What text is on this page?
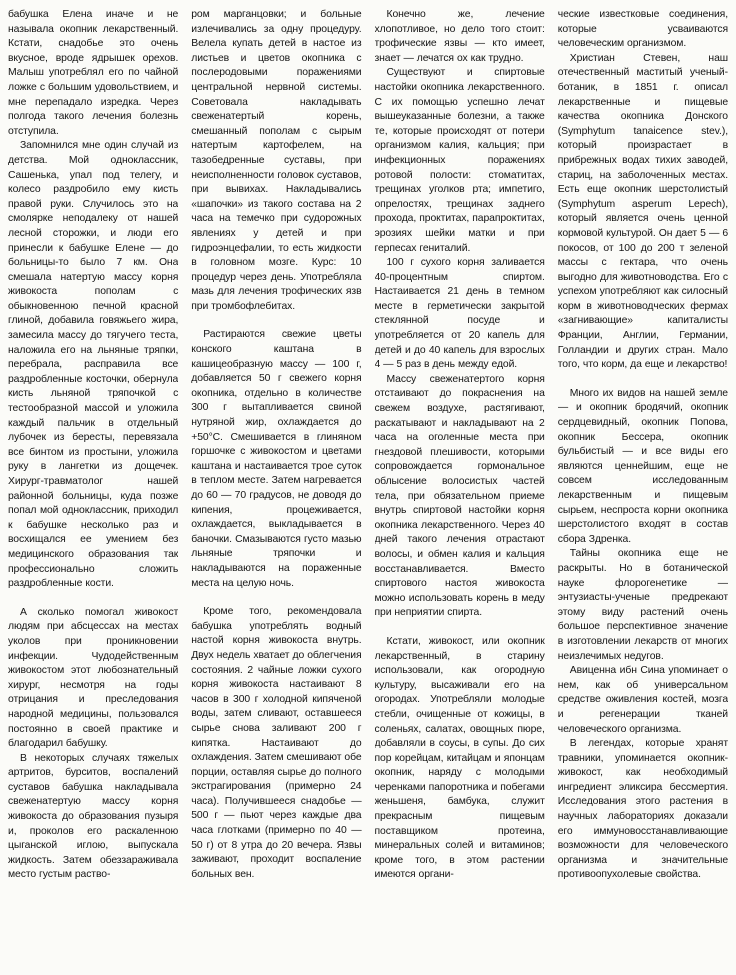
бабушка Елена иначе и не называла окопник лекарственный. Кстати, снадобье это очень вкусное, вроде ядрышек орехов. Малыш употреблял его по чайной ложке с большим удовольствием, и мне перепадало изредка. Через полгода такого лечения болезнь отступила.

Запомнился мне один случай из детства. Мой одноклассник, Сашенька, упал под телегу, и колесо раздробило ему кисть правой руки. Случилось это на смолярке неподалеку от нашей лесной сторожки, и люди его принесли к бабушке Елене — до больницы-то было 7 км. Она смешала натертую массу корня живокоста пополам с обыкновенною печной красной глиной, добавила говяжьего жира, замесила массу до тягучего теста, наложила его на льняные тряпки, перебрала, расправила все раздробленные косточки, обернула кисть льняной тряпочкой с тестообразной массой и уложила каждый пальчик в отдельный лубочек из бересты, перевязала все бинтом из простыни, уложила руку в лангетки из дощечек. Хирург-травматолог нашей районной больницы, куда позже попал мой одноклассник, приходил к бабушке несколько раз и восхищался ее умением без медицинского образования так профессионально сложить раздробленные кости.

А сколько помогал живокост людям при абсцессах на местах уколов при проникновении инфекции. Чудодейственным живокостом этот любознательный хирург, несмотря на годы отрицания и преследования народной медицины, пользовался постоянно в своей практике и благодарил бабушку.

В некоторых случаях тяжелых артритов, бурситов, воспалений суставов бабушка накладывала свеженатертую массу корня живокоста до образования пузыря и, проколов его раскаленною цыганской иглою, выпускала жидкость. Затем обеззараживала место густым раство-

ром марганцовки; и больные излечивались за одну процедуру. Велела купать детей в настое из листьев и цветов окопника с послеродовыми поражениями центральной нервной системы. Советовала накладывать свеженатертый корень, смешанный пополам с сырым натертым картофелем, на тазобедренные суставы, при неисполненности головок суставов, при вывихах. Накладывались «шапочки» из такого состава на 2 часа на темечко при судорожных явлениях у детей и при гидроэнцефалии, то есть жидкости в головном мозге. Курс: 10 процедур через день. Употребляла мазь для лечения трофических язв при тромбофлебитах.

Растираются свежие цветы конского каштана в кашицеобразную массу — 100 г, добавляется 50 г свежего корня окопника, отдельно в количестве 300 г вытапливается свиной нутряной жир, охлаждается до +50°С. Смешивается в глиняном горшочке с живокостом и цветами каштана и настаивается трое суток в теплом месте. Затем нагревается до 60 — 70 градусов, не доводя до кипения, процеживается, охлаждается, выкладывается в баночки. Смазываются густо мазью льняные тряпочки и накладываются на пораженные места на целую ночь.

Кроме того, рекомендовала бабушка употреблять водный настой корня живокоста внутрь. Двух недель хватает до облегчения состояния. 2 чайные ложки сухого корня живокоста настаивают 8 часов в 300 г холодной кипяченой воды, затем сливают, оставшееся сырье снова заливают 200 г кипятка. Настаивают до охлаждения. Затем смешивают обе порции, оставляя сырье до полного экстрагирования (примерно 24 часа). Получившееся снадобье — 500 г — пьют через каждые два часа глотками (примерно по 40 — 50 г) от 8 утра до 20 вечера. Язвы заживают, проходит воспаление больных вен.

Конечно же, лечение хлопотливое, но дело того стоит: трофические язвы — кто имеет, знает — лечатся ох как трудно.

Существуют и спиртовые настойки окопника лекарственного. С их помощью успешно лечат вышеуказанные болезни, а также те, которые происходят от потери организмом калия, кальция; при инфекционных поражениях ротовой полости: стоматитах, трещинах уголков рта; импетиго, опрелостях, трещинах заднего прохода, проктитах, парапроктитах, эрозиях шейки матки и при герпесах гениталий.

100 г сухого корня заливается 40-процентным спиртом. Настаивается 21 день в темном месте в герметически закрытой стеклянной посуде и употребляется от 20 капель для детей и до 40 капель для взрослых 4 — 5 раз в день между едой.

Массу свеженатертого корня отстаивают до покраснения на свежем воздухе, растягивают, раскатывают и накладывают на 2 часа на оголенные места при гнездовой плешивости, которыми сопровождается гормональное облысение волосистых частей тела, при обязательном приеме внутрь спиртовой настойки корня окопника лекарственного. Через 40 дней такого лечения отрастают волосы, и обмен калия и кальция восстанавливается. Вместо спиртового настоя живокоста можно использовать корень в меду при неприятии спирта.

Кстати, живокост, или окопник лекарственный, в старину использовали, как огородную культуру, высаживали его на огородах. Употребляли молодые стебли, очищенные от кожицы, в соленьях, салатах, овощных пюре, добавляли в соусы, в супы. До сих пор корейцам, китайцам и японцам окопник, наряду с молодыми черенками папоротника и побегами женьшеня, бамбука, служит прекрасным пищевым поставщиком протеина, минеральных солей и витаминов; кроме того, в этом растении имеются органи-

ческие известковые соединения, которые усваиваются человеческим организмом.

Христиан Стевен, наш отечественный маститый ученый-ботаник, в 1851 г. описал лекарственные и пищевые качества окопника Донского (Symphytum tanaicence stev.), который произрастает в прибрежных водах тихих заводей, стариц, на заболоченных местах. Есть еще окопник шерстолистый (Symphytum asperum Lepech), который является очень ценной кормовой культурой. Он дает 5 — 6 покосов, от 100 до 200 т зеленой массы с гектара, что очень выгодно для животноводства. Его с успехом употребляют как силосный корм в животноводческих фермах «загнивающие» капиталисты Франции, Англии, Германии, Голландии и других стран. Мало того, что корм, да еще и лекарство!

Много их видов на нашей земле — и окопник бродячий, окопник сердцевидный, окопник Попова, окопник Бессера, окопник бульбистый — и все виды его являются ценнейшим, еще не совсем исследованным лекарственным и пищевым сырьем, неспроста корни окопника шерстолистого входят в состав сбора Здренка.

Тайны окопника еще не раскрыты. Но в ботанической науке флорогенетике — энтузиасты-ученые предрекают этому виду растений очень большое перспективное значение в изготовлении лекарств от многих неизлечимых недугов.

Авиценна ибн Сина упоминает о нем, как об универсальном средстве оживления костей, мозга и регенерации тканей человеческого организма.

В легендах, которые хранят травники, упоминается окопник-живокост, как необходимый ингредиент эликсира бессмертия. Исследования этого растения в научных лабораториях доказали его иммуновосстанавливающие возможности для человеческого организма и значительные противоопухолевые свойства.
